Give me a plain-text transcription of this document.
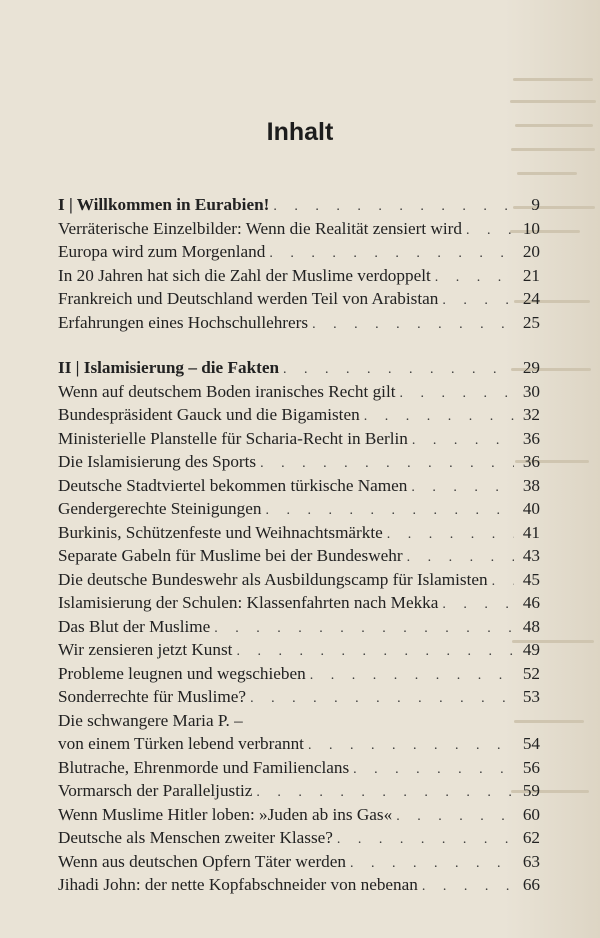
Inhalt
I | Willkommen in Eurabien! . . .	9
Verräterische Einzelbilder: Wenn die Realität zensiert wird . . .	10
Europa wird zum Morgenland . . .	20
In 20 Jahren hat sich die Zahl der Muslime verdoppelt . . .	21
Frankreich und Deutschland werden Teil von Arabistan . . .	24
Erfahrungen eines Hochschullehrers . . .	25
II | Islamisierung – die Fakten . . .	29
Wenn auf deutschem Boden iranisches Recht gilt . . .	30
Bundespräsident Gauck und die Bigamisten . . .	32
Ministerielle Planstelle für Scharia-Recht in Berlin . . .	36
Die Islamisierung des Sports . . .	36
Deutsche Stadtviertel bekommen türkische Namen . . .	38
Gendergerechte Steinigungen . . .	40
Burkinis, Schützenfeste und Weihnachtsmärkte . . .	41
Separate Gabeln für Muslime bei der Bundeswehr . . .	43
Die deutsche Bundeswehr als Ausbildungscamp für Islamisten . . . 45
Islamisierung der Schulen: Klassenfahrten nach Mekka . . .	46
Das Blut der Muslime . . .	48
Wir zensieren jetzt Kunst . . .	49
Probleme leugnen und wegschieben . . .	52
Sonderrechte für Muslime? . . .	53
Die schwangere Maria P. –
von einem Türken lebend verbrannt . . .	54
Blutrache, Ehrenmorde und Familienclans . . .	56
Vormarsch der Paralleljustiz . . .	59
Wenn Muslime Hitler loben: »Juden ab ins Gas« . . .	60
Deutsche als Menschen zweiter Klasse? . . .	62
Wenn aus deutschen Opfern Täter werden . . .	63
Jihadi John: der nette Kopfabschneider von nebenan . . .	66
